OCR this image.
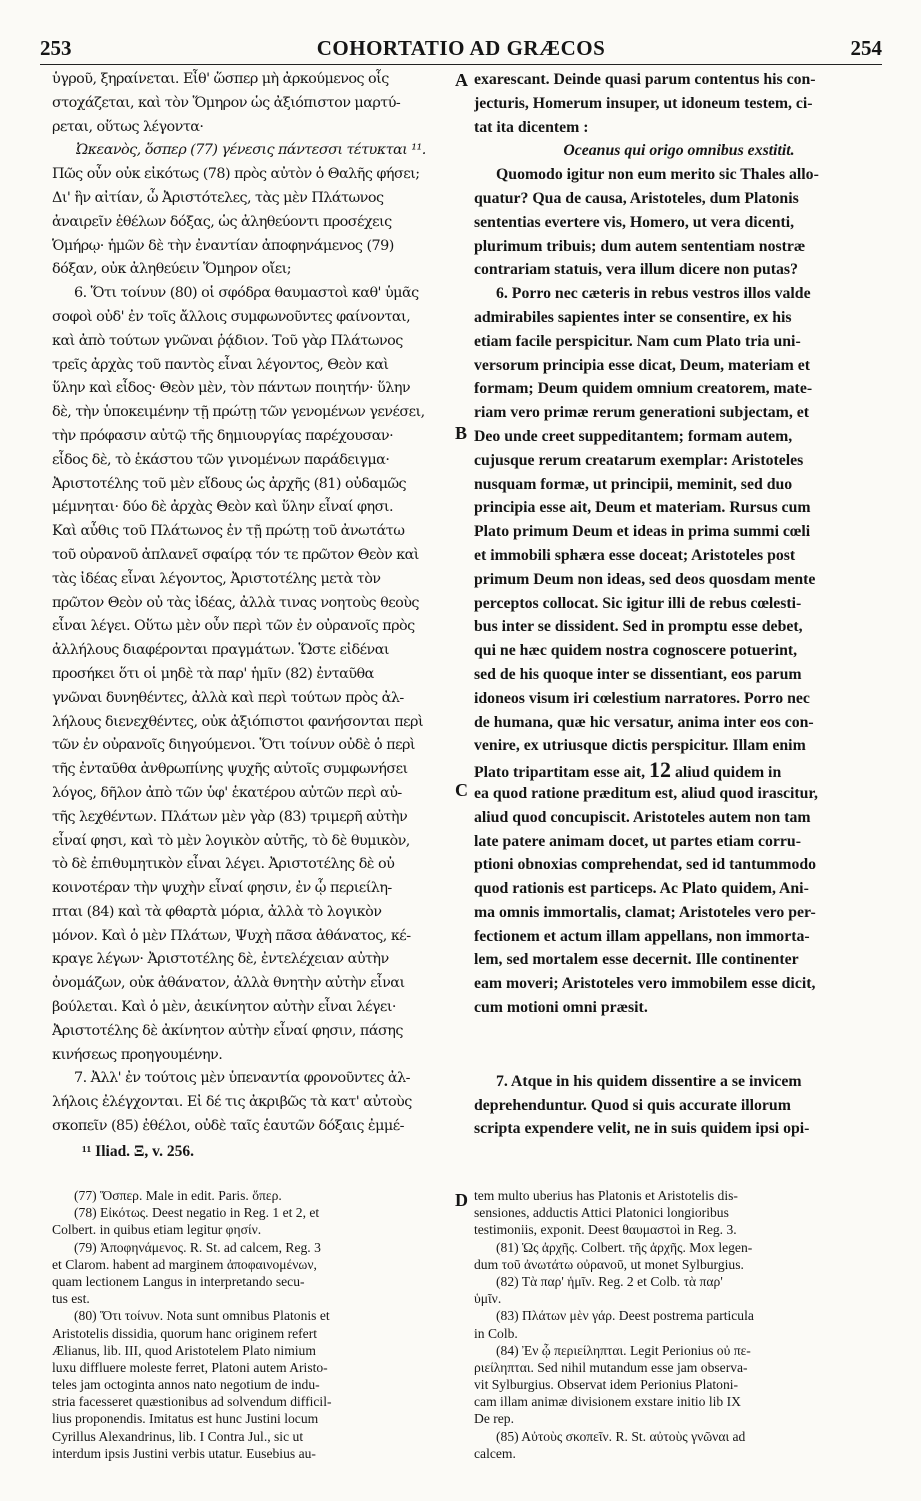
253	COHORTATIO AD GRÆCOS	254
A
B
C
D
ὑγροῦ, ξηραίνεται. Εἶθ' ὥσπερ μὴ ἀρκούμενος οἷς
στοχάζεται, καὶ τὸν Ὅμηρον ὡς ἀξιόπιστον μαρτύ-
ρεται, οὕτως λέγοντα·
Ὠκεανὸς, ὅσπερ (77) γένεσις πάντεσσι τέτυκται ¹¹.
Πῶς οὖν οὐκ εἰκότως (78) πρὸς αὐτὸν ὁ Θαλῆς φήσει;
Δι' ἣν αἰτίαν, ὦ Ἀριστότελες, τὰς μὲν Πλάτωνος
ἀναιρεῖν ἐθέλων δόξας, ὡς ἀληθεύοντι προσέχεις
Ὁμήρῳ· ἡμῶν δὲ τὴν ἐναντίαν ἀποφηνάμενος (79)
δόξαν, οὐκ ἀληθεύειν Ὅμηρον οἴει;
6. Ὅτι τοίνυν (80) οἱ σφόδρα θαυμαστοὶ καθ' ὑμᾶς
σοφοὶ οὐδ' ἐν τοῖς ἄλλοις συμφωνοῦντες φαίνονται,
καὶ ἀπὸ τούτων γνῶναι ῥᾴδιον. Τοῦ γὰρ Πλάτωνος
τρεῖς ἀρχὰς τοῦ παντὸς εἶναι λέγοντος, Θεὸν καὶ
ὕλην καὶ εἶδος· Θεὸν μὲν, τὸν πάντων ποιητήν· ὕλην
δὲ, τὴν ὑποκειμένην τῇ πρώτῃ τῶν γενομένων γενέσει,
τὴν πρόφασιν αὐτῷ τῆς δημιουργίας παρέχουσαν·
εἶδος δὲ, τὸ ἑκάστου τῶν γινομένων παράδειγμα·
Ἀριστοτέλης τοῦ μὲν εἴδους ὡς ἀρχῆς (81) οὐδαμῶς
μέμνηται· δύο δὲ ἀρχὰς Θεὸν καὶ ὕλην εἶναί φησι.
Καὶ αὖθις τοῦ Πλάτωνος ἐν τῇ πρώτῃ τοῦ ἀνωτάτω
τοῦ οὐρανοῦ ἀπλανεῖ σφαίρᾳ τόν τε πρῶτον Θεὸν καὶ
τὰς ἰδέας εἶναι λέγοντος, Ἀριστοτέλης μετὰ τὸν
πρῶτον Θεὸν οὐ τὰς ἰδέας, ἀλλὰ τινας νοητοὺς θεοὺς
εἶναι λέγει. Οὕτω μὲν οὖν περὶ τῶν ἐν οὐρανοῖς πρὸς
ἀλλήλους διαφέρονται πραγμάτων. Ὥστε εἰδέναι
προσήκει ὅτι οἱ μηδὲ τὰ παρ' ἡμῖν (82) ἐνταῦθα
γνῶναι δυνηθέντες, ἀλλὰ καὶ περὶ τούτων πρὸς ἀλ-
λήλους διενεχθέντες, οὐκ ἀξιόπιστοι φανήσονται περὶ
τῶν ἐν οὐρανοῖς διηγούμενοι. Ὅτι τοίνυν οὐδὲ ὁ περὶ
τῆς ἐνταῦθα ἀνθρωπίνης ψυχῆς αὐτοῖς συμφωνήσει
λόγος, δῆλον ἀπὸ τῶν ὑφ' ἑκατέρου αὐτῶν περὶ αὐ-
τῆς λεχθέντων. Πλάτων μὲν γὰρ (83) τριμερῆ αὐτὴν
εἶναί φησι, καὶ τὸ μὲν λογικὸν αὐτῆς, τὸ δὲ θυμικὸν,
τὸ δὲ ἐπιθυμητικὸν εἶναι λέγει. Ἀριστοτέλης δὲ οὐ
κοινοτέραν τὴν ψυχὴν εἶναί φησιν, ἐν ᾧ περιείλη-
πται (84) καὶ τὰ φθαρτὰ μόρια, ἀλλὰ τὸ λογικὸν
μόνον. Καὶ ὁ μὲν Πλάτων, Ψυχὴ πᾶσα ἀθάνατος, κέ-
κραγε λέγων· Ἀριστοτέλης δὲ, ἐντελέχειαν αὐτὴν
ὀνομάζων, οὐκ ἀθάνατον, ἀλλὰ θνητὴν αὐτὴν εἶναι
βούλεται. Καὶ ὁ μὲν, ἀεικίνητον αὐτὴν εἶναι λέγει·
Ἀριστοτέλης δὲ ἀκίνητον αὐτὴν εἶναί φησιν, πάσης
κινήσεως προηγουμένην.
7. Ἀλλ' ἐν τούτοις μὲν ὑπεναντία φρονοῦντες ἀλ-
λήλοις ἐλέγχονται. Εἰ δέ τις ἀκριβῶς τὰ κατ' αὐτοὺς
σκοπεῖν (85) ἐθέλοι, οὐδὲ ταῖς ἑαυτῶν δόξαις ἐμμέ-
exarescant. Deinde quasi parum contentus his con-
jecturis, Homerum insuper, ut idoneum testem, ci-
tat ita dicentem :
Oceanus qui origo omnibus exstitit.
Quomodo igitur non eum merito sic Thales allo-
quatur? Qua de causa, Aristoteles, dum Platonis
sententias evertere vis, Homero, ut vera dicenti,
plurimum tribuis; dum autem sententiam nostræ
contrariam statuis, vera illum dicere non putas?
6. Porro nec cæteris in rebus vestros illos valde
admirabiles sapientes inter se consentire, ex his
etiam facile perspicitur. Nam cum Plato tria uni-
versorum principia esse dicat, Deum, materiam et
formam; Deum quidem omnium creatorem, mate-
riam vero primæ rerum generationi subjectam, et
Deo unde creet suppeditantem; formam autem,
cujusque rerum creatarum exemplar: Aristoteles
nusquam formæ, ut principii, meminit, sed duo
principia esse ait, Deum et materiam. Rursus cum
Plato primum Deum et ideas in prima summi cœli
et immobili sphæra esse doceat; Aristoteles post
primum Deum non ideas, sed deos quosdam mente
perceptos collocat. Sic igitur illi de rebus cœlesti-
bus inter se dissident. Sed in promptu esse debet,
qui ne hæc quidem nostra cognoscere potuerint,
sed de his quoque inter se dissentiant, eos parum
idoneos visum iri cœlestium narratores. Porro nec
de humana, quæ hic versatur, anima inter eos con-
venire, ex utriusque dictis perspicitur. Illam enim
Plato tripartitam esse ait, 12 aliud quidem in
ea quod ratione præditum est, aliud quod irascitur,
aliud quod concupiscit. Aristoteles autem non tam
late patere animam docet, ut partes etiam corru-
ptioni obnoxias comprehendat, sed id tantummodo
quod rationis est particeps. Ac Plato quidem, Ani-
ma omnis immortalis, clamat; Aristoteles vero per-
fectionem et actum illam appellans, non immorta-
lem, sed mortalem esse decernit. Ille continenter
eam moveri; Aristoteles vero immobilem esse dicit,
cum motioni omni præsit.
7. Atque in his quidem dissentire a se invicem
deprehenduntur. Quod si quis accurate illorum
scripta expendere velit, ne in suis quidem ipsi opi-
¹¹ Iliad. Ξ, v. 256.
(77) Ὅσπερ. Male in edit. Paris. ὅπερ.
(78) Εἰκότως. Deest negatio in Reg. 1 et 2, et
Colbert. in quibus etiam legitur φησίν.
(79) Ἀποφηνάμενος. R. St. ad calcem, Reg. 3
et Clarom. habent ad marginem ἀποφαινομένων,
quam lectionem Langus in interpretando secu-
tus est.
(80) Ὅτι τοίνυν. Nota sunt omnibus Platonis et
Aristotelis dissidia, quorum hanc originem refert
Ælianus, lib. III, quod Aristotelem Plato nimium
luxu diffluere moleste ferret, Platoni autem Aristo-
teles jam octoginta annos nato negotium de indu-
stria facesseret quæstionibus ad solvendum difficil-
lius proponendis. Imitatus est hunc Justini locum
Cyrillus Alexandrinus, lib. I Contra Jul., sic ut
interdum ipsis Justini verbis utatur. Eusebius au-
tem multo uberius has Platonis et Aristotelis dis-
sensiones, adductis Attici Platonici longioribus
testimoniis, exponit. Deest θαυμαστοὶ in Reg. 3.
(81) Ὡς ἀρχῆς. Colbert. τῆς ἀρχῆς. Mox legen-
dum τοῦ ἀνωτάτω οὐρανοῦ, ut monet Sylburgius.
(82) Τὰ παρ' ἡμῖν. Reg. 2 et Colb. τὰ παρ'
ὑμῖν.
(83) Πλάτων μὲν γάρ. Deest postrema particula
in Colb.
(84) Ἐν ᾧ περιείληπται. Legit Perionius οὐ πε-
ριείληπται. Sed nihil mutandum esse jam observa-
vit Sylburgius. Observat idem Perionius Platoni-
cam illam animæ divisionem exstare initio lib IX
De rep.
(85) Αὐτοὺς σκοπεῖν. R. St. αὐτοὺς γνῶναι ad
calcem.
